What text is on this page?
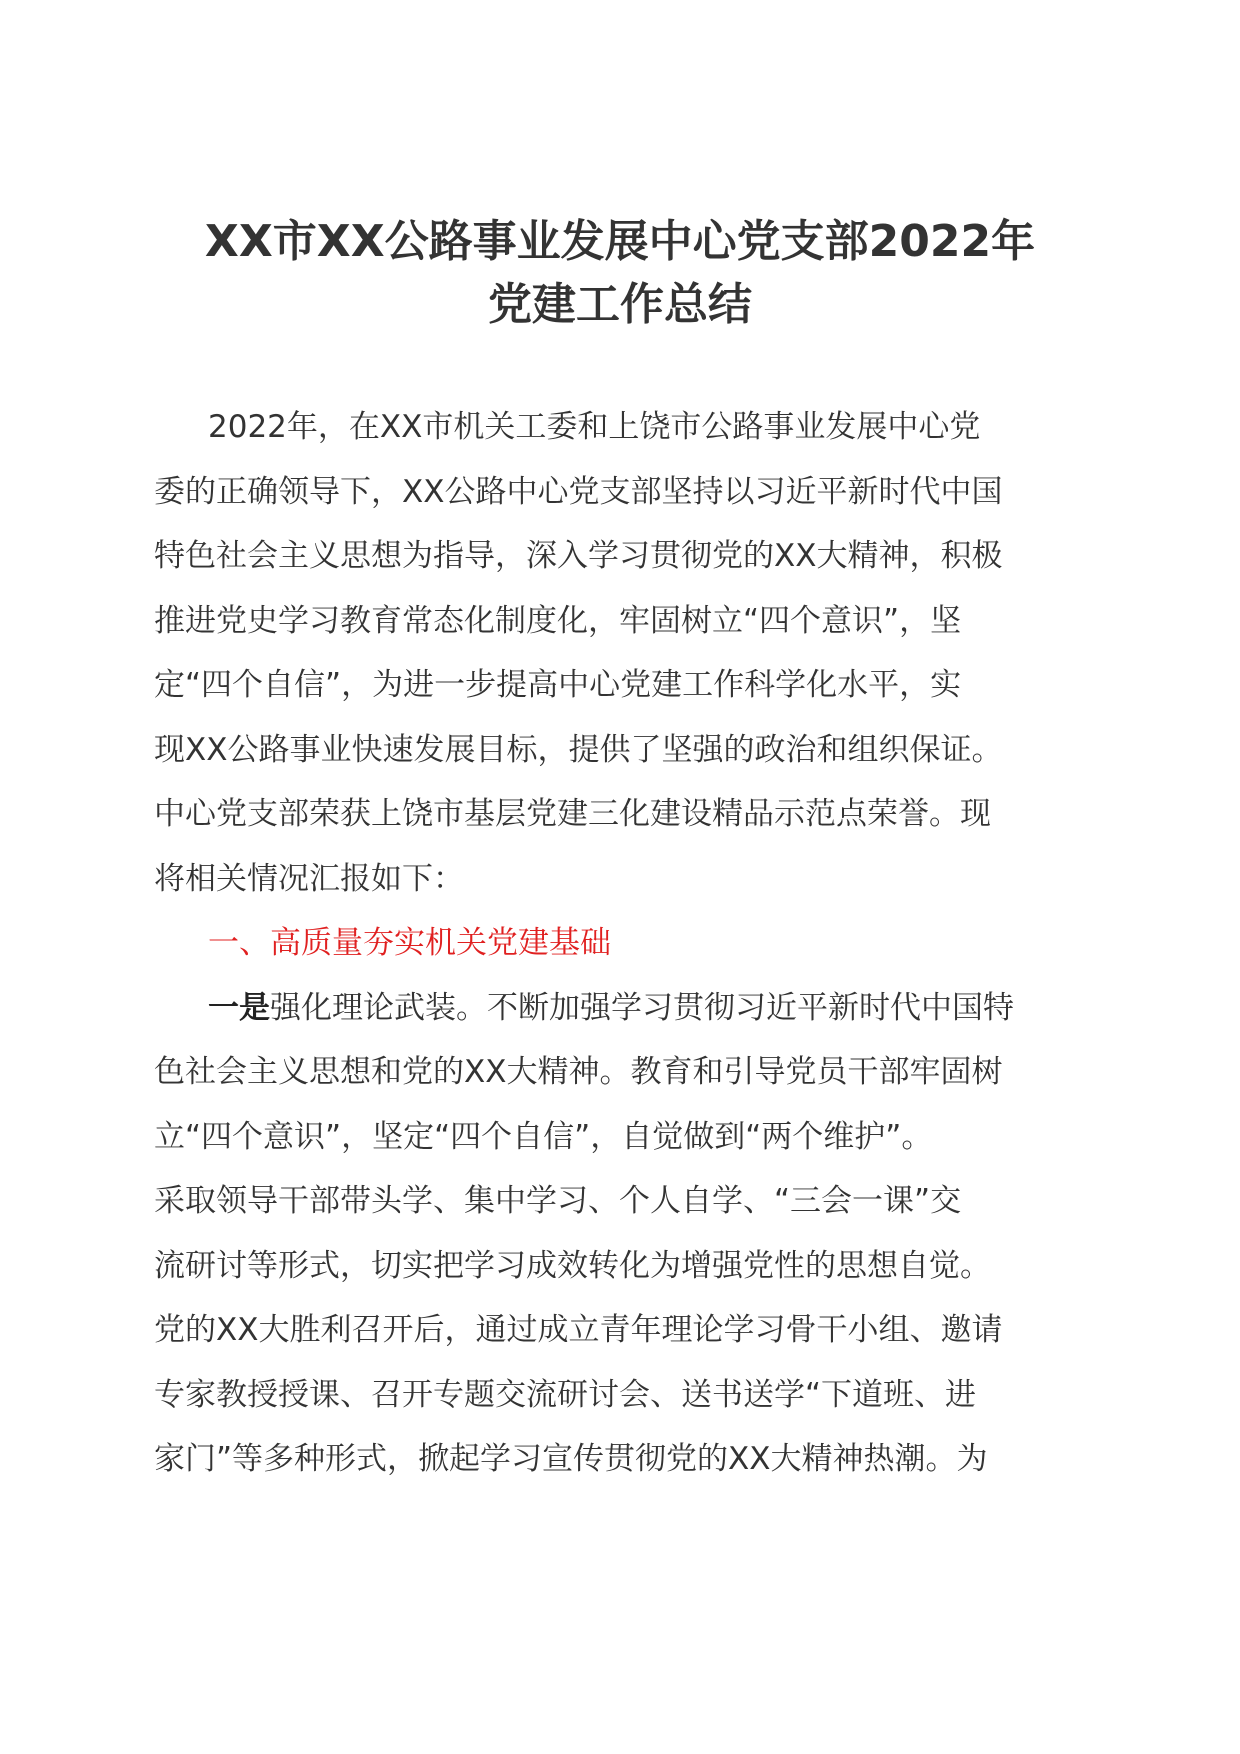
XX市XX公路事业发展中心党支部2022年
党建工作总结
2022年，在XX市机关工委和上饶市公路事业发展中心党
委的正确领导下，XX公路中心党支部坚持以习近平新时代中国
特色社会主义思想为指导，深入学习贯彻党的XX大精神，积极
推进党史学习教育常态化制度化，牢固树立“四个意识”，坚
定“四个自信”，为进一步提高中心党建工作科学化水平，实
现XX公路事业快速发展目标，提供了坚强的政治和组织保证。
中心党支部荣获上饶市基层党建三化建设精品示范点荣誉。现
将相关情况汇报如下：
一、高质量夯实机关党建基础
一是强化理论武装。不断加强学习贯彻习近平新时代中国特
色社会主义思想和党的XX大精神。教育和引导党员干部牢固树
立“四个意识”，坚定“四个自信”，自觉做到“两个维护”。
采取领导干部带头学、集中学习、个人自学、“三会一课”交
流研讨等形式，切实把学习成效转化为增强党性的思想自觉。
党的XX大胜利召开后，通过成立青年理论学习骨干小组、邀请
专家教授授课、召开专题交流研讨会、送书送学“下道班、进
家门”等多种形式，掀起学习宣传贯彻党的XX大精神热潮。为
